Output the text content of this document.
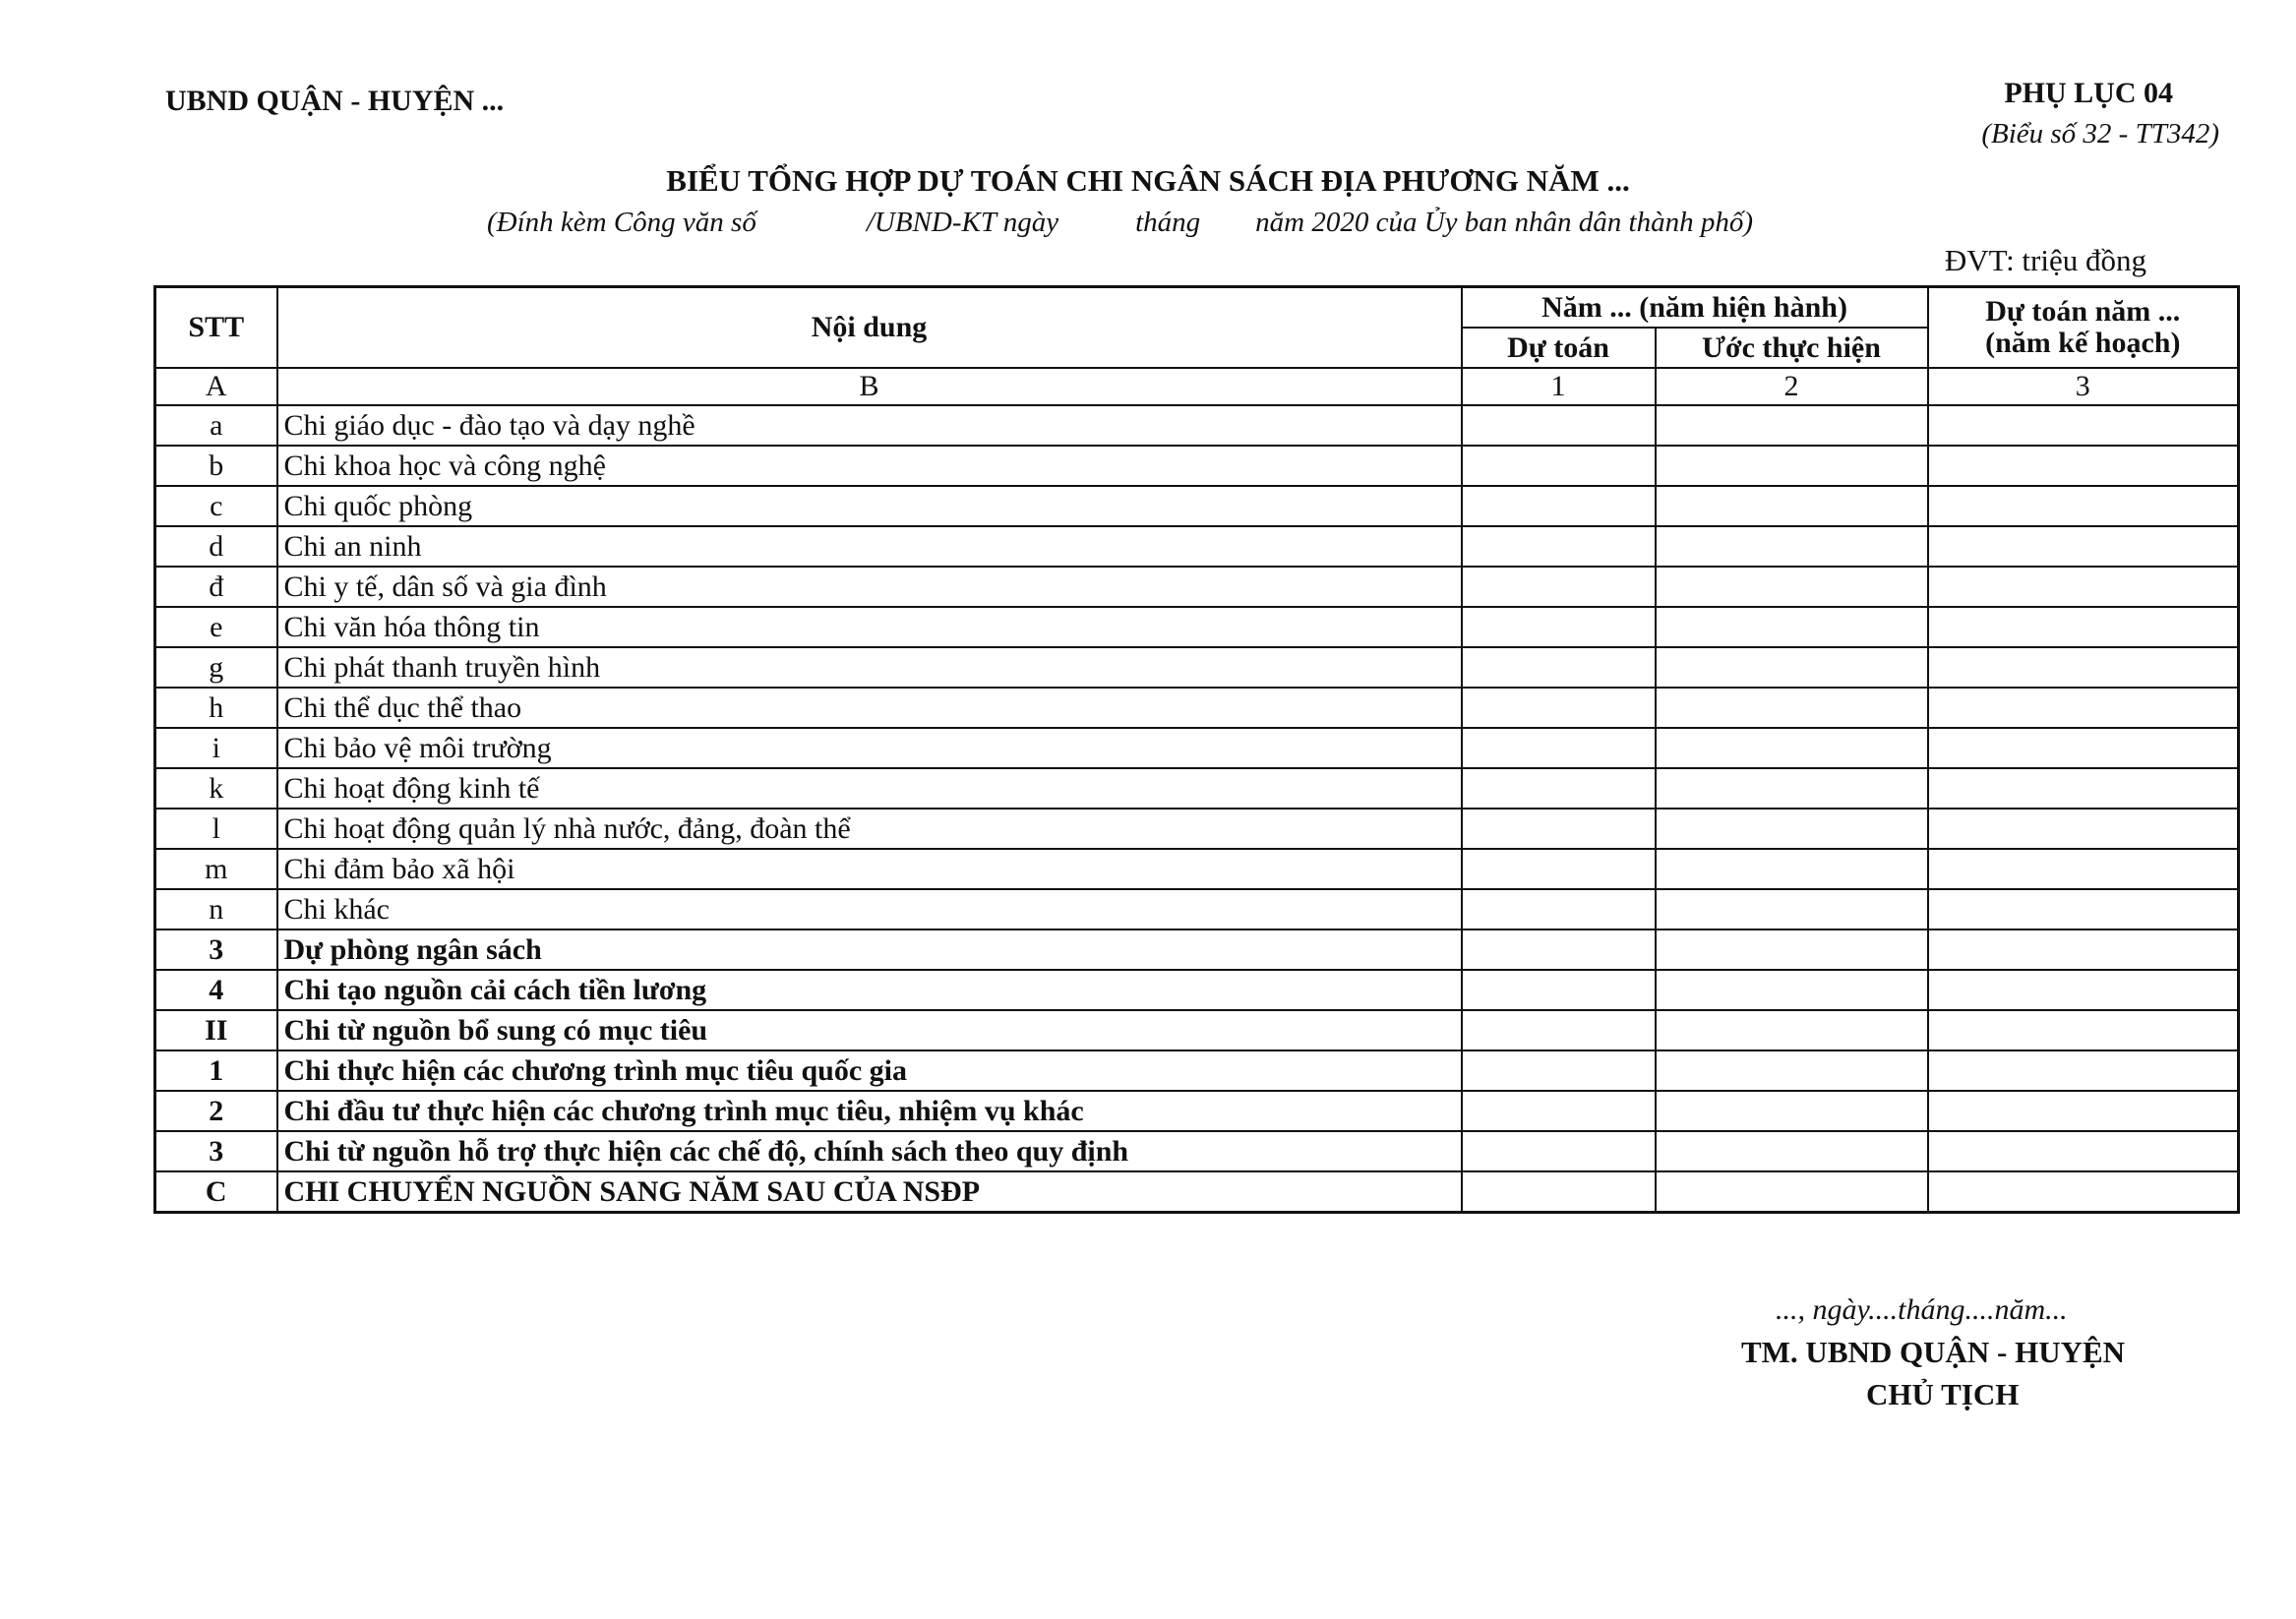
UBND QUẬN - HUYỆN ...	PHỤ LỤC 04
(Biểu số 32 - TT342)
BIỂU TỔNG HỢP DỰ TOÁN CHI NGÂN SÁCH ĐỊA PHƯƠNG NĂM ...
(Đính kèm Công văn số	/UBND-KT ngày	tháng năm 2020 của Ủy ban nhân dân thành phố)
ĐVT: triệu đồng
STT	Nội dung	Năm ... (năm hiện hành)		Dự toán năm ...
(năm kế hoạch)

		Dự toán	Ước thực hiện	
A	B	1	2	3
a	Chi giáo dục - đào tạo và dạy nghề			
b	Chi khoa học và công nghệ			
c	Chi quốc phòng			
d	Chi an ninh			
đ	Chi y tế, dân số và gia đình			
e	Chi văn hóa thông tin			
g	Chi phát thanh truyền hình			
h	Chi thể dục thể thao			
i	Chi bảo vệ môi trường			
k	Chi hoạt động kinh tế			
l	Chi hoạt động quản lý nhà nước, đảng, đoàn thể			
m	Chi đảm bảo xã hội			
n	Chi khác			
3	Dự phòng ngân sách			
4	Chi tạo nguồn cải cách tiền lương			
II	Chi từ nguồn bổ sung có mục tiêu			
1	Chi thực hiện các chương trình mục tiêu quốc gia			
2	Chi đầu tư thực hiện các chương trình mục tiêu, nhiệm vụ khác			
3	Chi từ nguồn hỗ trợ thực hiện các chế độ, chính sách theo quy định			
C	CHI CHUYỂN NGUỒN SANG NĂM SAU CỦA NSĐP			
..., ngày....tháng....năm...
TM. UBND QUẬN - HUYỆN
CHỦ TỊCH
